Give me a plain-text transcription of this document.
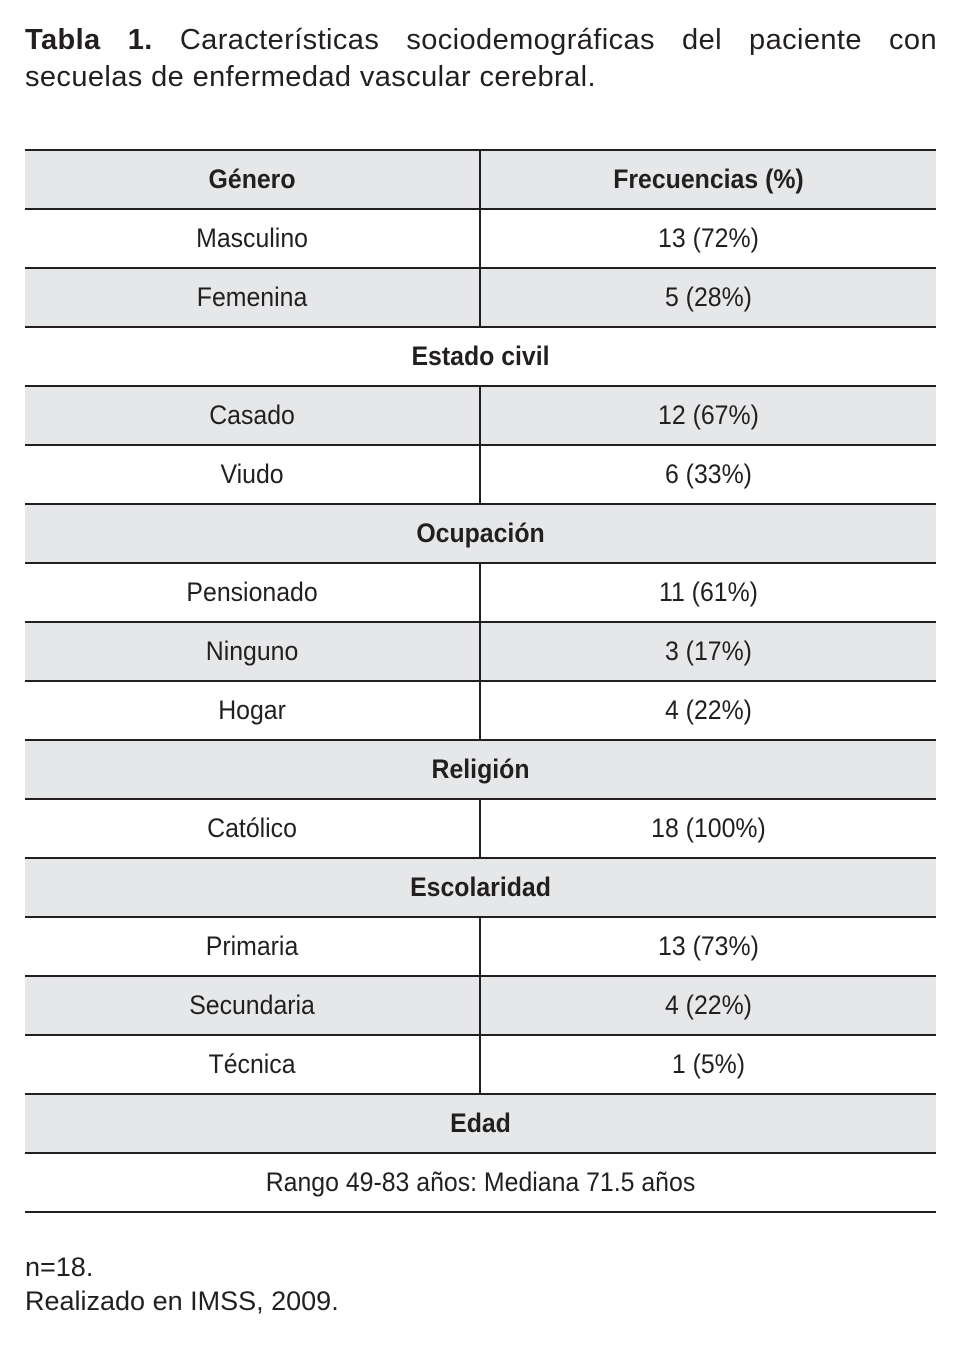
Tabla 1. Características sociodemográficas del paciente con secuelas de enfermedad vascular cerebral.
Género	Frecuencias (%)
Masculino	13 (72%)
Femenina	5 (28%)
Estado civil	
Casado	12 (67%)
Viudo	6 (33%)
Ocupación	
Pensionado	11 (61%)
Ninguno	3 (17%)
Hogar	4 (22%)
Religión	
Católico	18 (100%)
Escolaridad	
Primaria	13 (73%)
Secundaria	4 (22%)
Técnica	1 (5%)
Edad	
Rango 49-83 años: Mediana 71.5 años	
n=18.
Realizado en IMSS, 2009.
